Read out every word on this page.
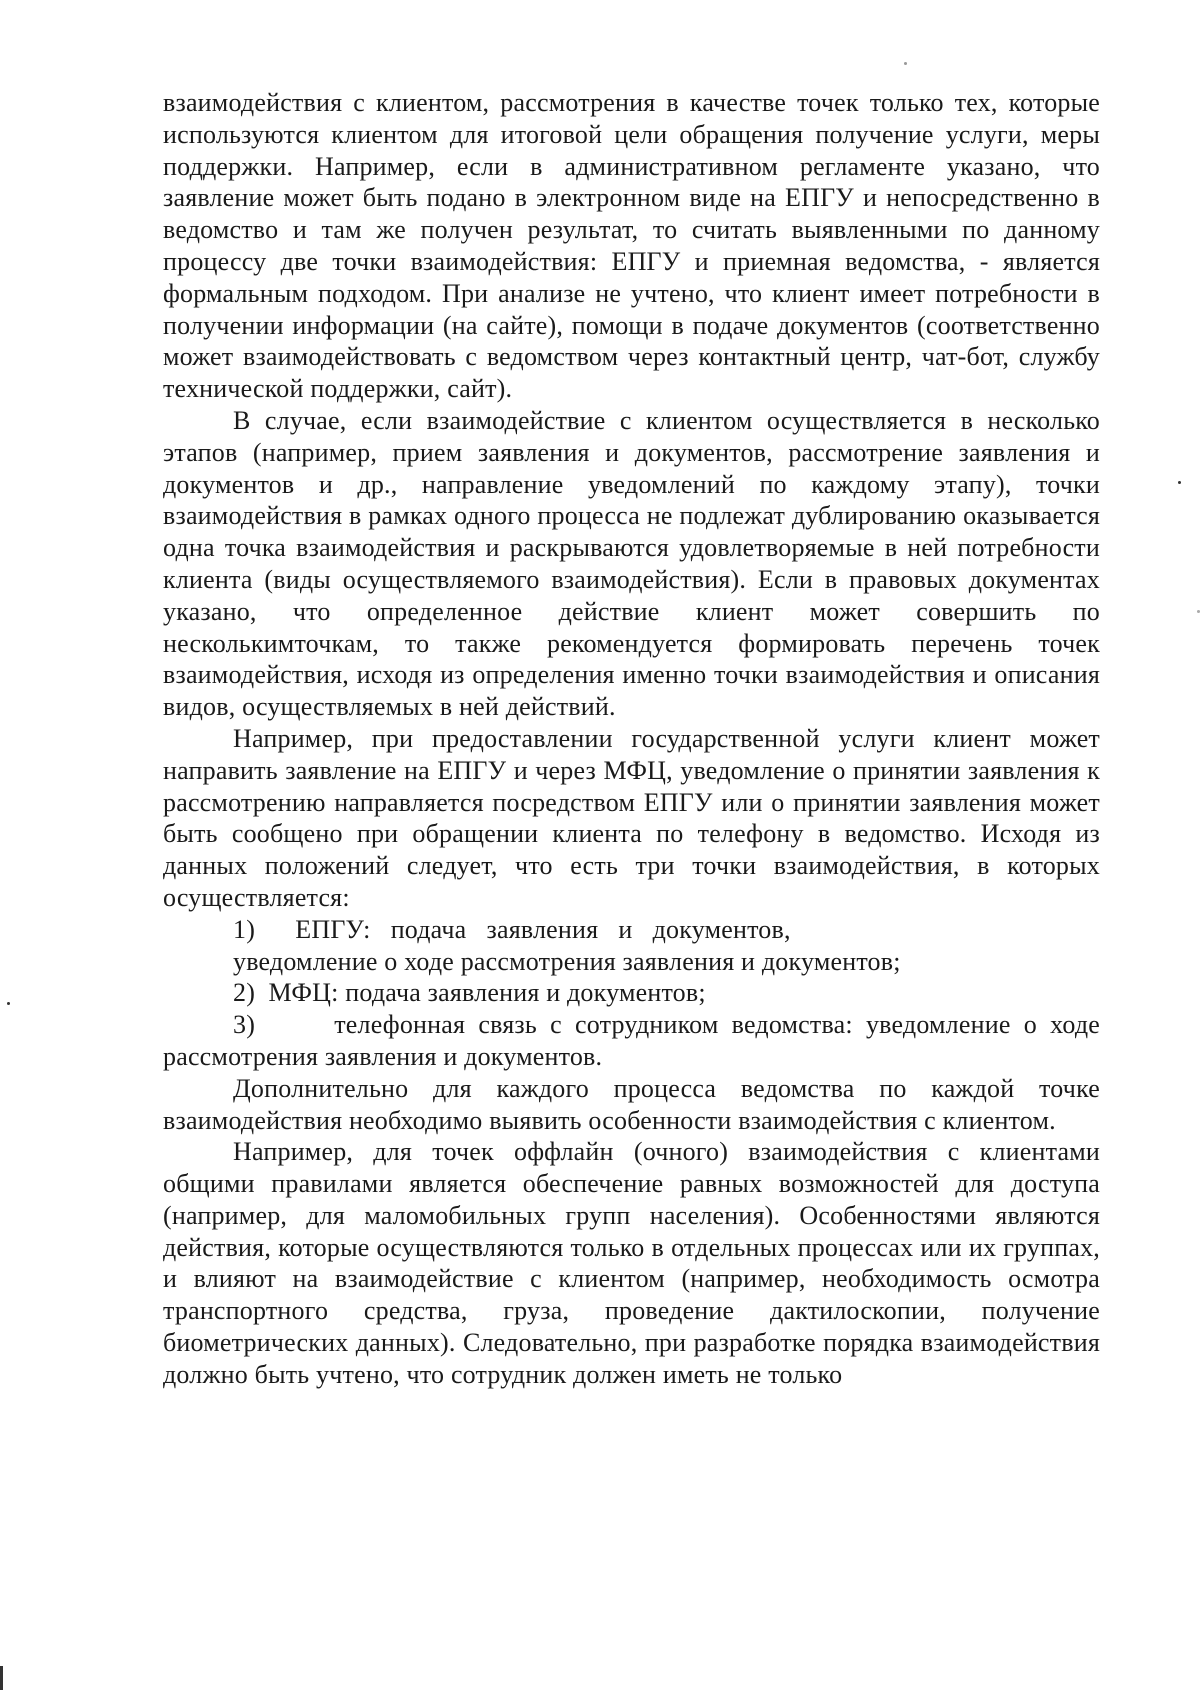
взаимодействия с клиентом, рассмотрения в качестве точек только тех, которые используются клиентом для итоговой цели обращения получение услуги, меры поддержки. Например, если в административном регламенте указано, что заявление может быть подано в электронном виде на ЕПГУ и непосредственно в ведомство и там же получен результат, то считать выявленными по данному процессу две точки взаимодействия: ЕПГУ и приемная ведомства, - является формальным подходом. При анализе не учтено, что клиент имеет потребности в получении информации (на сайте), помощи в подаче документов (соответственно может взаимодействовать с ведомством через контактный центр, чат-бот, службу технической поддержки, сайт).

В случае, если взаимодействие с клиентом осуществляется в несколько этапов (например, прием заявления и документов, рассмотрение заявления и документов и др., направление уведомлений по каждому этапу), точки взаимодействия в рамках одного процесса не подлежат дублированию оказывается одна точка взаимодействия и раскрываются удовлетворяемые в ней потребности клиента (виды осуществляемого взаимодействия). Если в правовых документах указано, что определенное действие клиент может совершить по несколькимточкам, то также рекомендуется формировать перечень точек взаимодействия, исходя из определения именно точки взаимодействия и описания видов, осуществляемых в ней действий.

Например, при предоставлении государственной услуги клиент может направить заявление на ЕПГУ и через МФЦ, уведомление о принятии заявления к рассмотрению направляется посредством ЕПГУ или о принятии заявления может быть сообщено при обращении клиента по телефону в ведомство. Исходя из данных положений следует, что есть три точки взаимодействия, в которых осуществляется:

1)      ЕПГУ:   подача   заявления   и   документов,

уведомление о ходе рассмотрения заявления и документов;

2)  МФЦ: подача заявления и документов;

3)      телефонная связь с сотрудником ведомства: уведомление о ходе рассмотрения заявления и документов.

Дополнительно для каждого процесса ведомства по каждой точке взаимодействия необходимо выявить особенности взаимодействия с клиентом.

Например, для точек оффлайн (очного) взаимодействия с клиентами общими правилами является обеспечение равных возможностей для доступа (например, для маломобильных групп населения). Особенностями являются действия, которые осуществляются только в отдельных процессах или их группах, и влияют на взаимодействие с клиентом (например, необходимость осмотра транспортного средства, груза, проведение дактилоскопии, получение биометрических данных). Следовательно, при разработке порядка взаимодействия должно быть учтено, что сотрудник должен иметь не только
